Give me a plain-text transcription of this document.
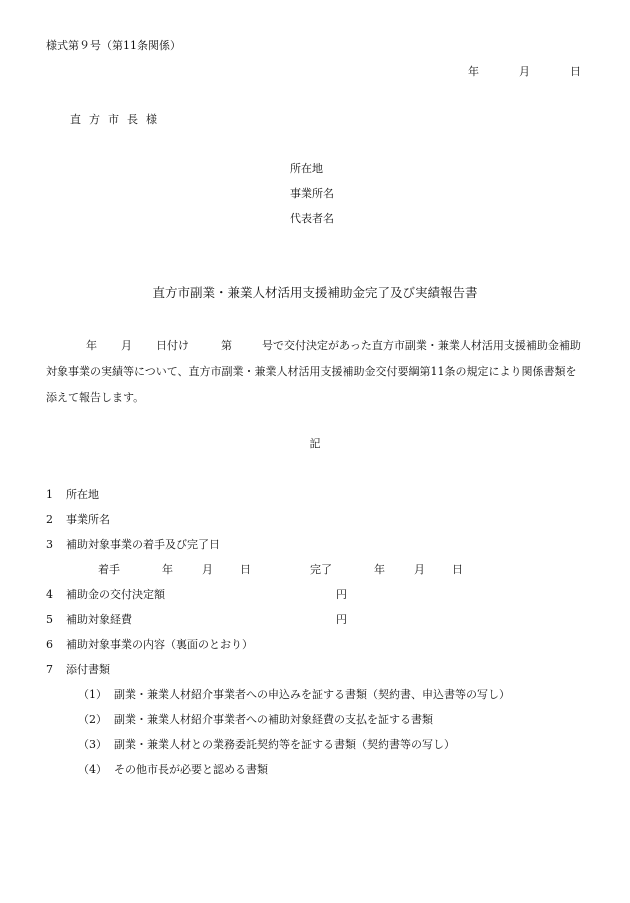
様式第９号（第11条関係）
年	月	日
直方市長様
所在地
事業所名
代表者名
直方市副業・兼業人材活用支援補助金完了及び実績報告書

年 月 日付け	第	号で交付決定があった直方市副業・兼業人材活用支援補助金補助対象事業の実績等について、直方市副業・兼業人材活用支援補助金交付要綱第11条の規定により関係書類を添えて報告します。

記
1 所在地
2 事業所名
3 補助対象事業の着手及び完了日
着手	年	月 日	完了	年	月 日
4 補助金の交付決定額	円
5 補助対象経費	円
6 補助対象事業の内容（裏面のとおり）
7 添付書類
（1） 副業・兼業人材紹介事業者への申込みを証する書類（契約書、申込書等の写し）
（2） 副業・兼業人材紹介事業者への補助対象経費の支払を証する書類
（3） 副業・兼業人材との業務委託契約等を証する書類（契約書等の写し）
（4） その他市長が必要と認める書類
